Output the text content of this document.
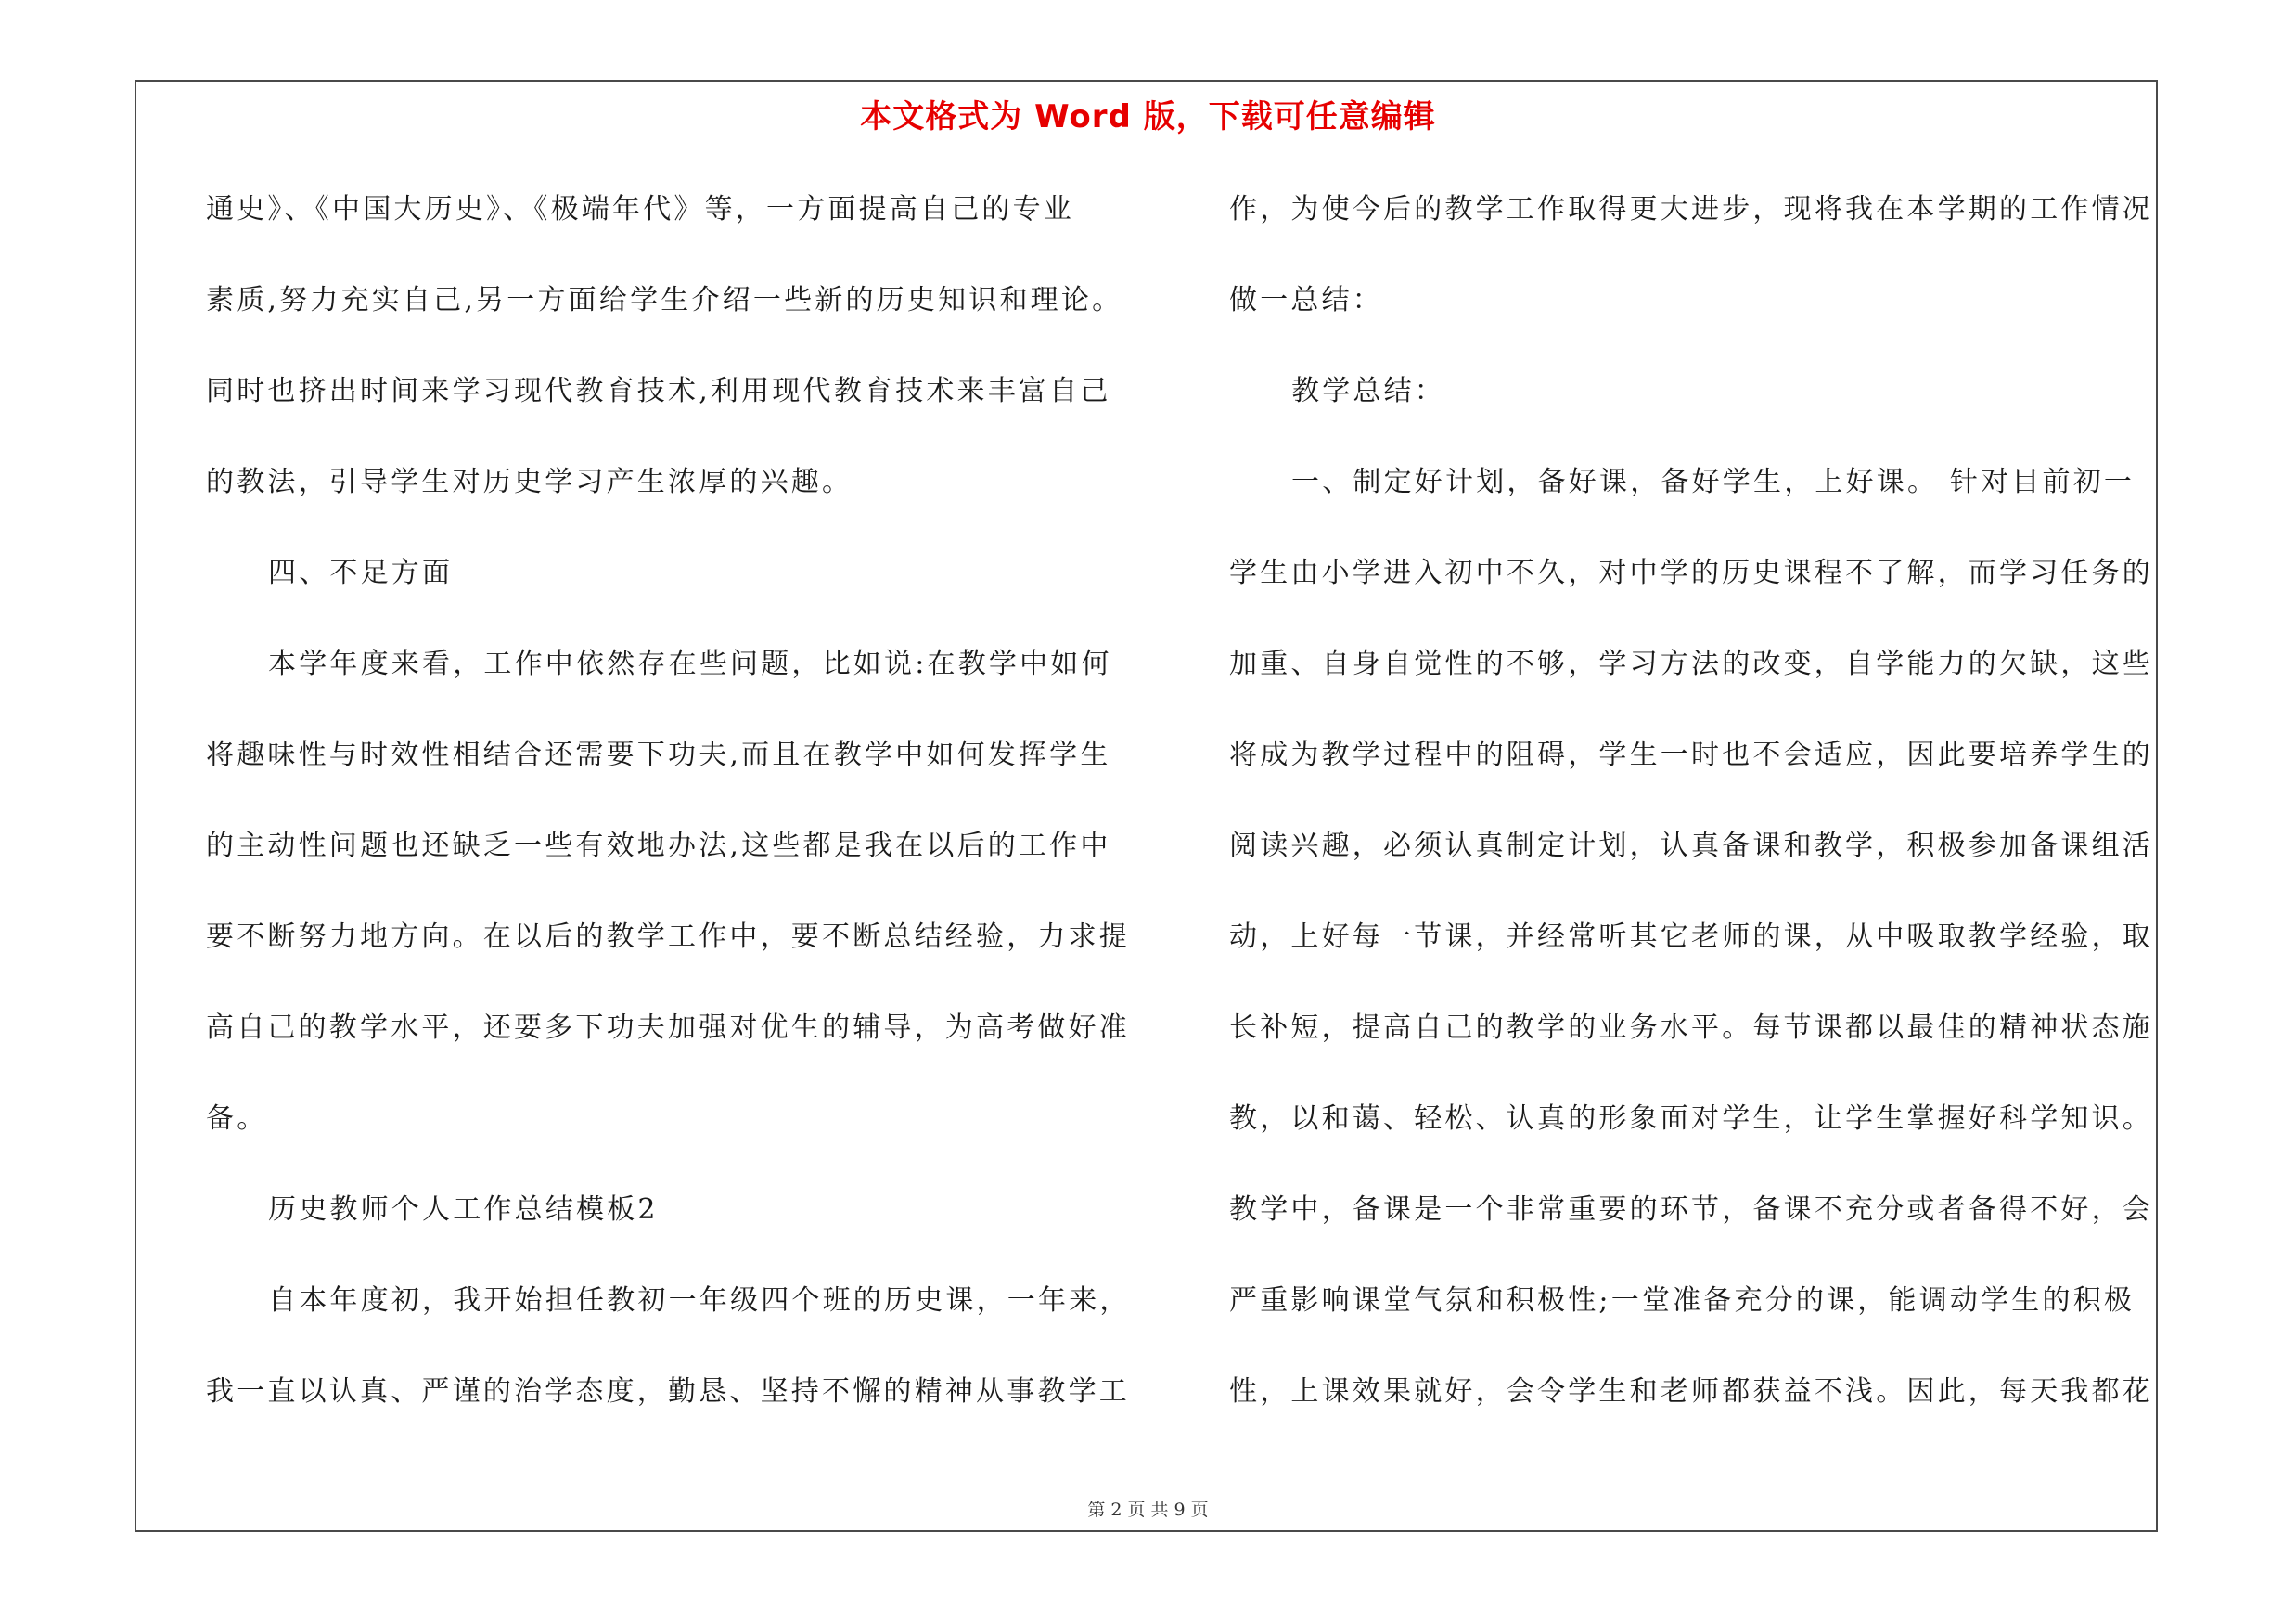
本文格式为 Word 版，下载可任意编辑
通史》、《中国大历史》、《极端年代》等，一方面提高自己的专业
素质,努力充实自己,另一方面给学生介绍一些新的历史知识和理论。
同时也挤出时间来学习现代教育技术,利用现代教育技术来丰富自己
的教法，引导学生对历史学习产生浓厚的兴趣。
四、不足方面
本学年度来看，工作中依然存在些问题，比如说:在教学中如何
将趣味性与时效性相结合还需要下功夫,而且在教学中如何发挥学生
的主动性问题也还缺乏一些有效地办法,这些都是我在以后的工作中
要不断努力地方向。在以后的教学工作中，要不断总结经验，力求提
高自己的教学水平，还要多下功夫加强对优生的辅导，为高考做好准
备。
历史教师个人工作总结模板2
自本年度初，我开始担任教初一年级四个班的历史课，一年来，
我一直以认真、严谨的治学态度，勤恳、坚持不懈的精神从事教学工
作，为使今后的教学工作取得更大进步，现将我在本学期的工作情况
做一总结：
教学总结：
一、制定好计划，备好课，备好学生，上好课。 针对目前初一
学生由小学进入初中不久，对中学的历史课程不了解，而学习任务的
加重、自身自觉性的不够，学习方法的改变，自学能力的欠缺，这些
将成为教学过程中的阻碍，学生一时也不会适应，因此要培养学生的
阅读兴趣，必须认真制定计划，认真备课和教学，积极参加备课组活
动，上好每一节课，并经常听其它老师的课，从中吸取教学经验，取
长补短，提高自己的教学的业务水平。每节课都以最佳的精神状态施
教，以和蔼、轻松、认真的形象面对学生，让学生掌握好科学知识。
教学中，备课是一个非常重要的环节，备课不充分或者备得不好，会
严重影响课堂气氛和积极性;一堂准备充分的课，能调动学生的积极
性，上课效果就好，会令学生和老师都获益不浅。因此，每天我都花
第 2 页 共 9 页
